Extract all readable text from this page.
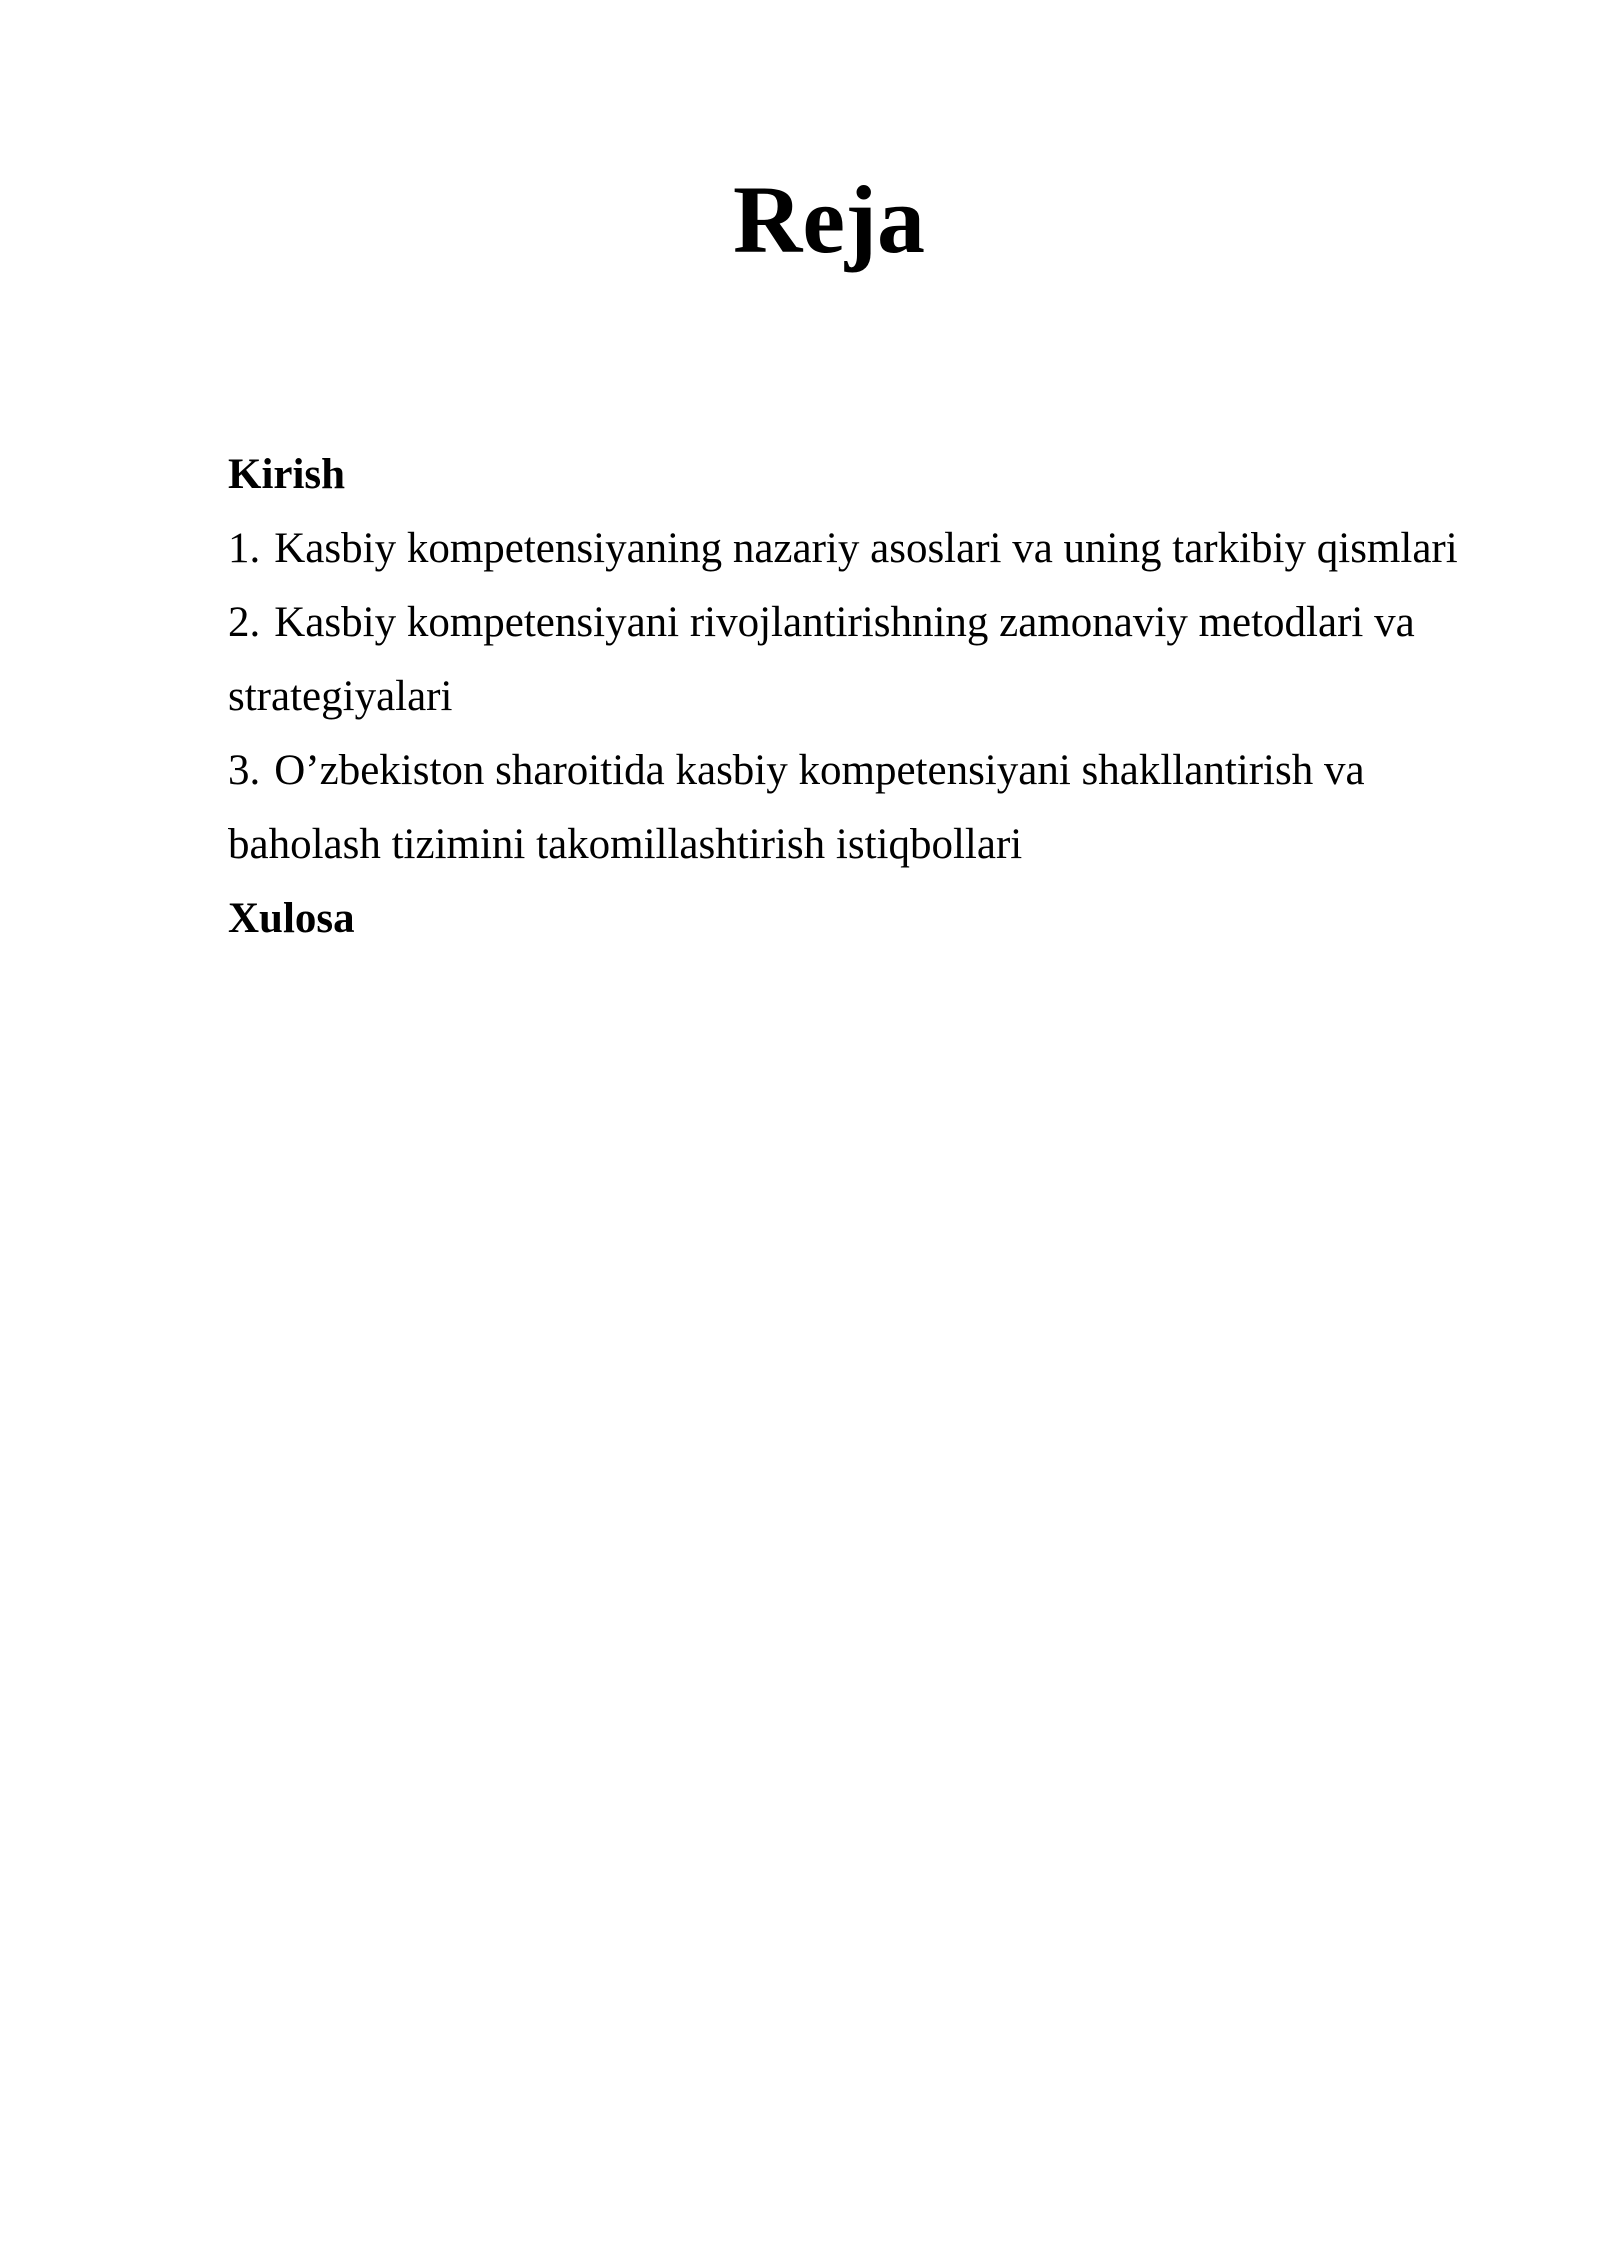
Reja
Kirish
1. Kasbiy kompetensiyaning nazariy asoslari va uning tarkibiy qismlari
2. Kasbiy kompetensiyani rivojlantirishning zamonaviy metodlari va strategiyalari
3. O’zbekiston sharoitida kasbiy kompetensiyani shakllantirish va baholash tizimini takomillashtirish istiqbollari
Xulosa
